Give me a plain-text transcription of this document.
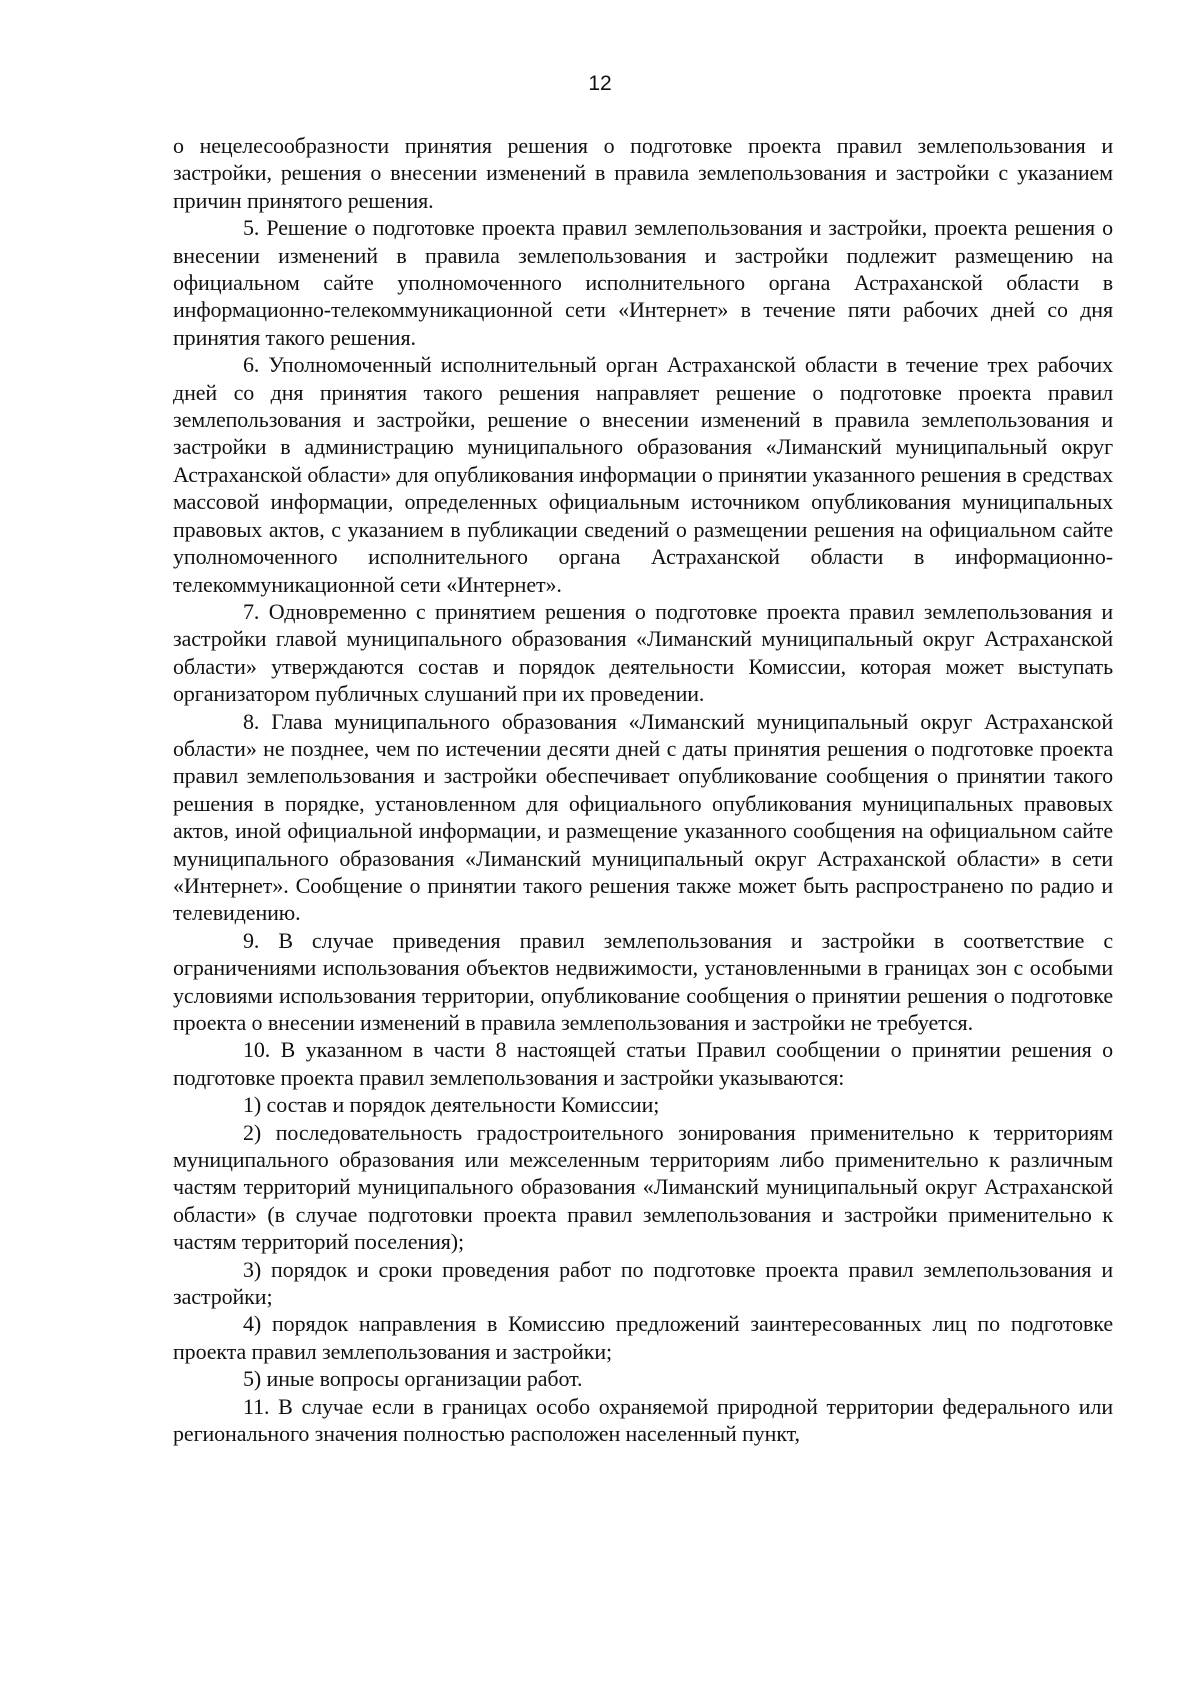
12

о нецелесообразности принятия решения о подготовке проекта правил землепользования и застройки, решения о внесении изменений в правила землепользования и застройки с указанием причин принятого решения.

5. Решение о подготовке проекта правил землепользования и застройки, проекта решения о внесении изменений в правила землепользования и застройки подлежит размещению на официальном сайте уполномоченного исполнительного органа Астраханской области в информационно-телекоммуникационной сети «Интернет» в течение пяти рабочих дней со дня принятия такого решения.

6. Уполномоченный исполнительный орган Астраханской области в течение трех рабочих дней со дня принятия такого решения направляет решение о подготовке проекта правил землепользования и застройки, решение о внесении изменений в правила землепользования и застройки в администрацию муниципального образования «Лиманский муниципальный округ Астраханской области» для опубликования информации о принятии указанного решения в средствах массовой информации, определенных официальным источником опубликования муниципальных правовых актов, с указанием в публикации сведений о размещении решения на официальном сайте уполномоченного исполнительного органа Астраханской области в информационно-телекоммуникационной сети «Интернет».

7. Одновременно с принятием решения о подготовке проекта правил землепользования и застройки главой муниципального образования «Лиманский муниципальный округ Астраханской области» утверждаются состав и порядок деятельности Комиссии, которая может выступать организатором публичных слушаний при их проведении.

8. Глава муниципального образования «Лиманский муниципальный округ Астраханской области» не позднее, чем по истечении десяти дней с даты принятия решения о подготовке проекта правил землепользования и застройки обеспечивает опубликование сообщения о принятии такого решения в порядке, установленном для официального опубликования муниципальных правовых актов, иной официальной информации, и размещение указанного сообщения на официальном сайте муниципального образования «Лиманский муниципальный округ Астраханской области» в сети «Интернет». Сообщение о принятии такого решения также может быть распространено по радио и телевидению.

9. В случае приведения правил землепользования и застройки в соответствие с ограничениями использования объектов недвижимости, установленными в границах зон с особыми условиями использования территории, опубликование сообщения о принятии решения о подготовке проекта о внесении изменений в правила землепользования и застройки не требуется.

10. В указанном в части 8 настоящей статьи Правил сообщении о принятии решения о подготовке проекта правил землепользования и застройки указываются:

1) состав и порядок деятельности Комиссии;

2) последовательность градостроительного зонирования применительно к территориям муниципального образования или межселенным территориям либо применительно к различным частям территорий муниципального образования «Лиманский муниципальный округ Астраханской области» (в случае подготовки проекта правил землепользования и застройки применительно к частям территорий поселения);

3) порядок и сроки проведения работ по подготовке проекта правил землепользования и застройки;

4) порядок направления в Комиссию предложений заинтересованных лиц по подготовке проекта правил землепользования и застройки;

5) иные вопросы организации работ.

11. В случае если в границах особо охраняемой природной территории федерального или регионального значения полностью расположен населенный пункт,
